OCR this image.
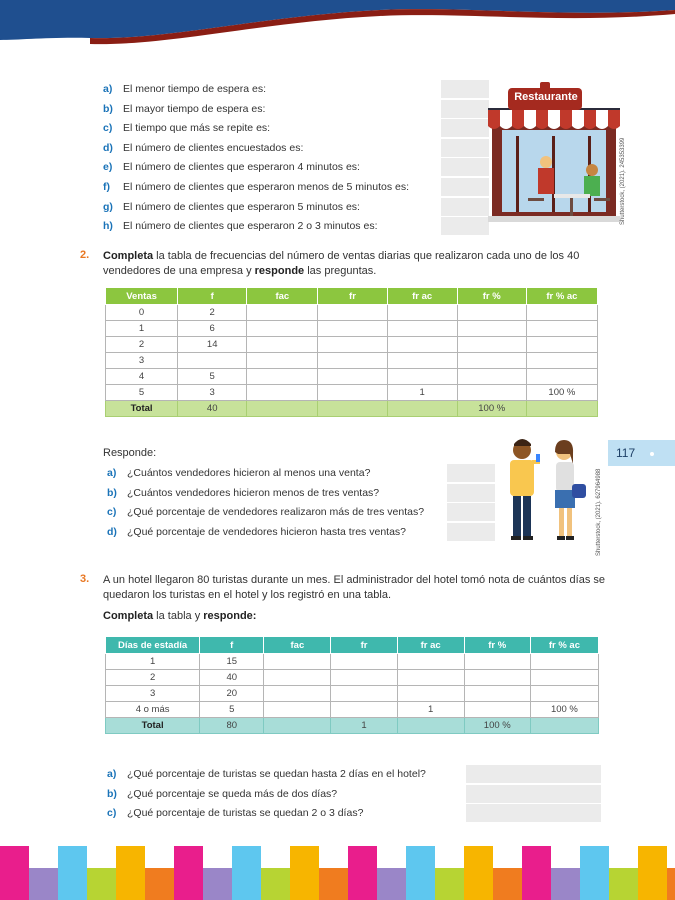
a) El menor tiempo de espera es:
b) El mayor tiempo de espera es:
c) El tiempo que más se repite es:
d) El número de clientes encuestados es:
e) El número de clientes que esperaron 4 minutos es:
f) El número de clientes que esperaron menos de 5 minutos es:
g) El número de clientes que esperaron 5 minutos es:
h) El número de clientes que esperaron 2 o 3 minutos es:
Restaurante
Shutterstock, (2021). 245353399
2. Completa la tabla de frecuencias del número de ventas diarias que realizaron cada uno de los 40 vendedores de una empresa y responde las preguntas.
Ventas	f	fac	fr	fr ac	fr %	fr % ac
0	2					
1	6					
2	14					
3						
4	5					
5	3			1		100 %
Total	40				100 %	
Responde:
a) ¿Cuántos vendedores hicieron al menos una venta?
b) ¿Cuántos vendedores hicieron menos de tres ventas?
c) ¿Qué porcentaje de vendedores realizaron más de tres ventas?
d) ¿Qué porcentaje de vendedores hicieron hasta tres ventas?	Shutterstock, (2021). 627964988
117
3. A un hotel llegaron 80 turistas durante un mes. El administrador del hotel tomó nota de cuántos días se quedaron los turistas en el hotel y los registró en una tabla.
Completa la tabla y responde:
Días de estadía	f	fac	fr	fr ac	fr %	fr % ac
1	15					
2	40					
3	20					
4 o más	5			1		100 %
Total	80		1		100 %	
a) ¿Qué porcentaje de turistas se quedan hasta 2 días en el hotel?
b) ¿Qué porcentaje se queda más de dos días?
c) ¿Qué porcentaje de turistas se quedan 2 o 3 días?
